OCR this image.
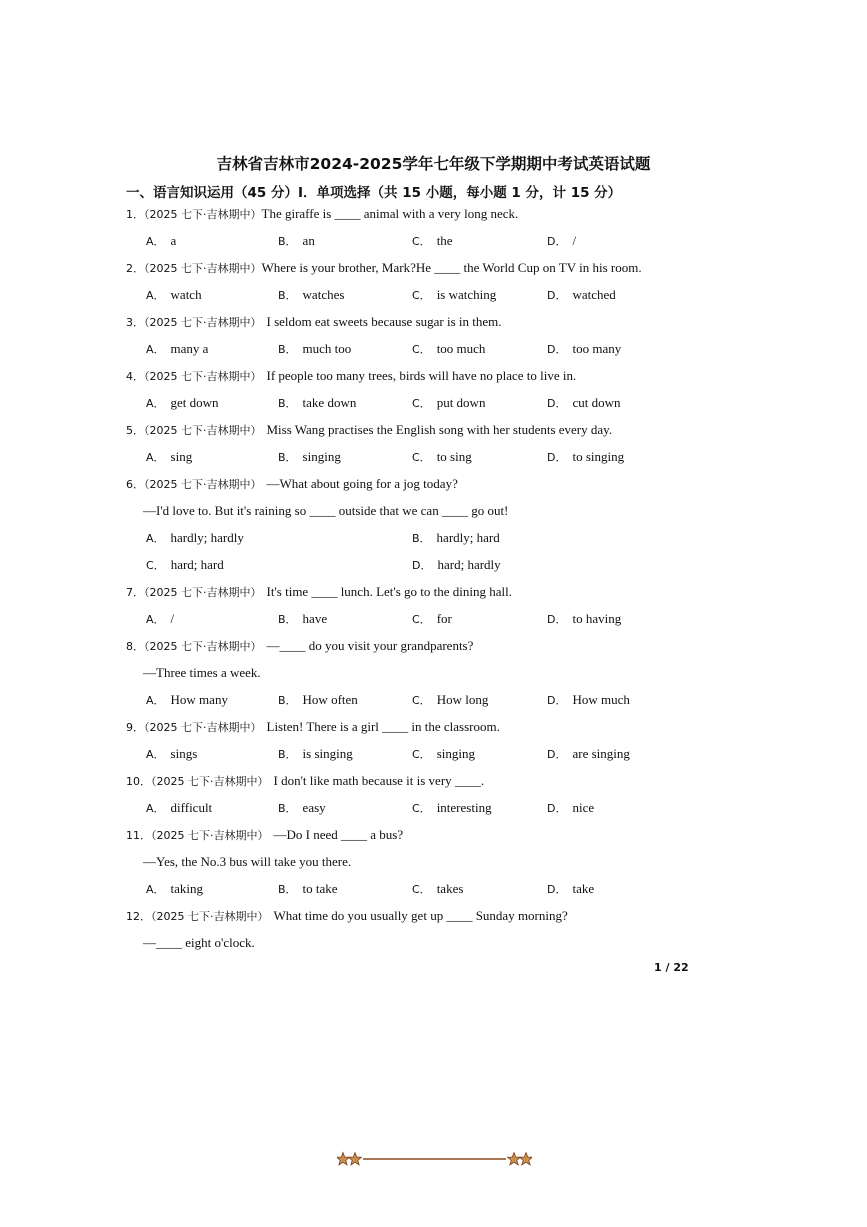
吉林省吉林市2024-2025学年七年级下学期期中考试英语试题
一、语言知识运用（45 分）Ⅰ．单项选择（共 15 小题，每小题 1 分，计 15 分）
1．（2025 七下·吉林期中）The giraffe is ____ animal with a very long neck.
A． a	B． an	C． the	D． /
2．（2025 七下·吉林期中）Where is your brother, Mark?He ____ the World Cup on TV in his room.
A． watch	B． watches	C． is watching	D． watched
3．（2025 七下·吉林期中） I seldom eat sweets because sugar is in them.
A． many a	B． much too	C． too much	D． too many
4．（2025 七下·吉林期中） If people too many trees, birds will have no place to live in.
A． get down	B． take down	C． put down	D． cut down
5．（2025 七下·吉林期中） Miss Wang practises the English song with her students every day.
A． sing	B． singing	C． to sing	D． to singing
6．（2025 七下·吉林期中） —What about going for a jog today?
—I'd love to. But it's raining so ____ outside that we can ____ go out!
A． hardly; hardly	B． hardly; hard
C． hard; hard	D． hard; hardly
7．（2025 七下·吉林期中） It's time ____ lunch. Let's go to the dining hall.
A． /	B． have	C． for	D． to having
8．（2025 七下·吉林期中） —____ do you visit your grandparents?
—Three times a week.
A． How many	B． How often	C． How long	D． How much
9．（2025 七下·吉林期中） Listen! There is a girl ____ in the classroom.
A． sings	B． is singing	C． singing	D． are singing
10．（2025 七下·吉林期中） I don't like math because it is very ____.
A． difficult	B． easy	C． interesting	D． nice
11．（2025 七下·吉林期中） —Do I need ____ a bus?
—Yes, the No.3 bus will take you there.
A． taking	B． to take	C． takes	D． take
12．（2025 七下·吉林期中） What time do you usually get up ____ Sunday morning?
—____ eight o'clock.
1 / 22
